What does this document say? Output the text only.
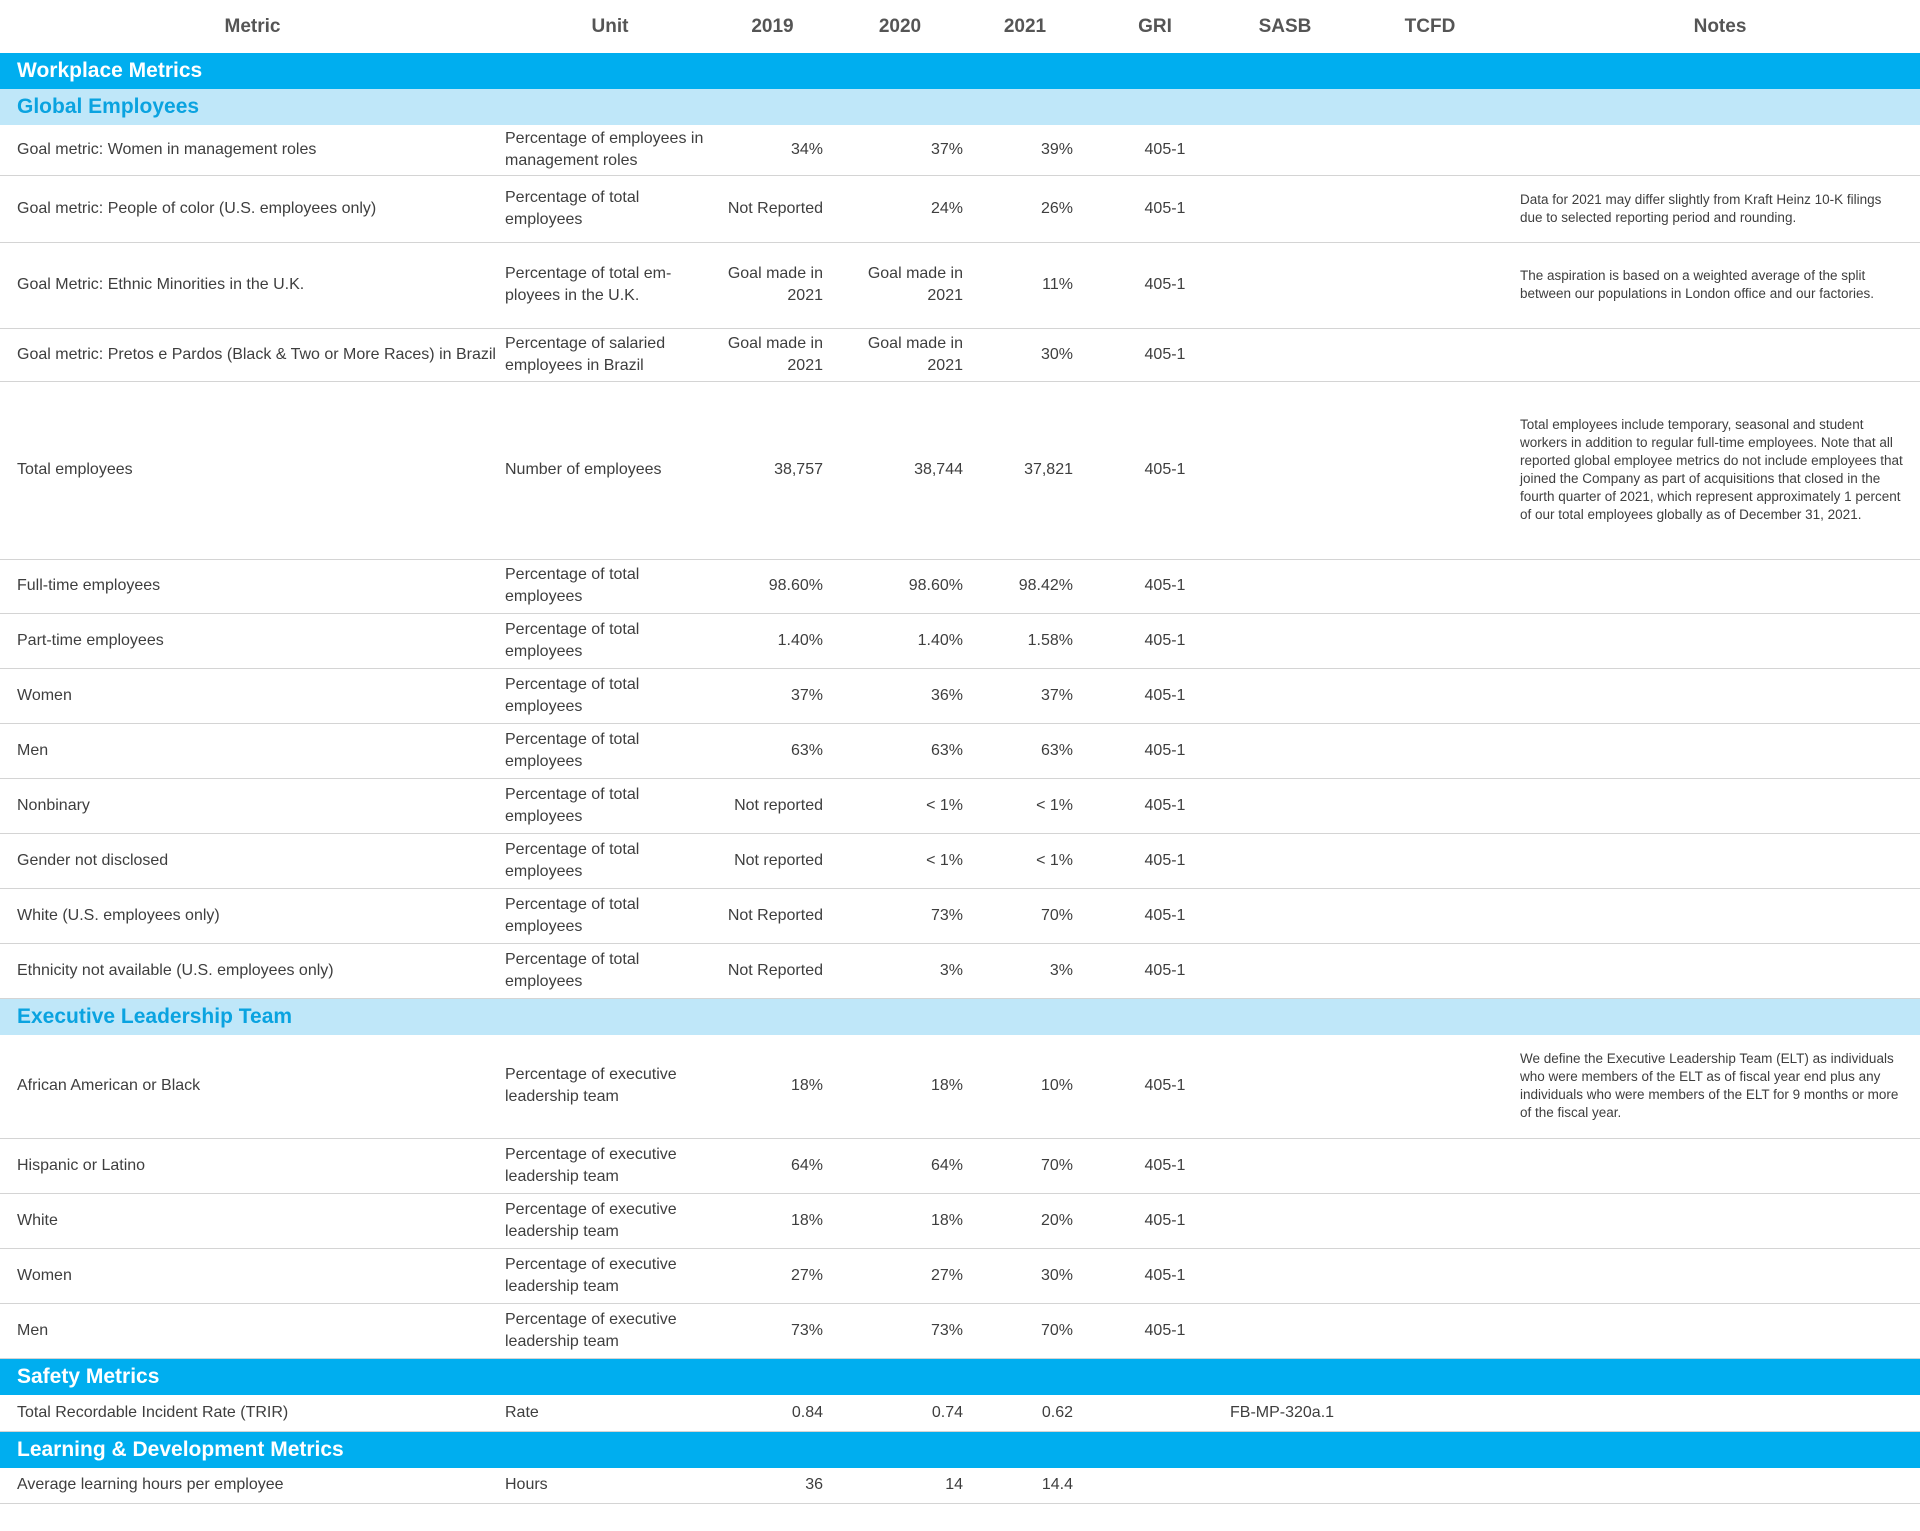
Metric	Unit	2019	2020	2021	GRI	SASB	TCFD	Notes
Workplace Metrics								
Global Employees								
Goal metric: Women in management roles	Percentage of employees in management roles	34%	37%	39%	405-1			
Goal metric: People of color (U.S. employees only)	Percentage of total employees	Not Reported	24%	26%	405-1			Data for 2021 may differ slightly from Kraft Heinz 10-K filings due to selected reporting period and rounding.
Goal Metric: Ethnic Minorities in the U.K.	Percentage of total em- ployees in the U.K.	Goal made in 2021	Goal made in 2021	11%	405-1			The aspiration is based on a weighted average of the split between our populations in London office and our factories.
Goal metric: Pretos e Pardos (Black & Two or More Races) in Brazil	Percentage of salaried employees in Brazil	Goal made in 2021	Goal made in 2021	30%	405-1			
Total employees	Number of employees	38,757	38,744	37,821	405-1			Total employees include temporary, seasonal and student workers in addition to regular full-time employees. Note that all reported global employee metrics do not include employees that joined the Company as part of acquisitions that closed in the fourth quarter of 2021, which represent approximately 1 percent of our total employees globally as of December 31, 2021.
Full-time employees	Percentage of total employees	98.60%	98.60%	98.42%	405-1			
Part-time employees	Percentage of total employees	1.40%	1.40%	1.58%	405-1			
Women	Percentage of total employees	37%	36%	37%	405-1			
Men	Percentage of total employees	63%	63%	63%	405-1			
Nonbinary	Percentage of total employees	Not reported	< 1%	< 1%	405-1			
Gender not disclosed	Percentage of total employees	Not reported	< 1%	< 1%	405-1			
White (U.S. employees only)	Percentage of total employees	Not Reported	73%	70%	405-1			
Ethnicity not available (U.S. employees only)	Percentage of total employees	Not Reported	3%	3%	405-1			
Executive Leadership Team								
African American or Black	Percentage of executive leadership team	18%	18%	10%	405-1			We define the Executive Leadership Team (ELT) as individuals who were members of the ELT as of fiscal year end plus any individuals who were members of the ELT for 9 months or more of the fiscal year.
Hispanic or Latino	Percentage of executive leadership team	64%	64%	70%	405-1			
White	Percentage of executive leadership team	18%	18%	20%	405-1			
Women	Percentage of executive leadership team	27%	27%	30%	405-1			
Men	Percentage of executive leadership team	73%	73%	70%	405-1			
Safety Metrics								
Total Recordable Incident Rate (TRIR)	Rate	0.84	0.74	0.62		FB-MP-320a.1		
Learning & Development Metrics								
Average learning hours per employee	Hours	36	14	14.4				
